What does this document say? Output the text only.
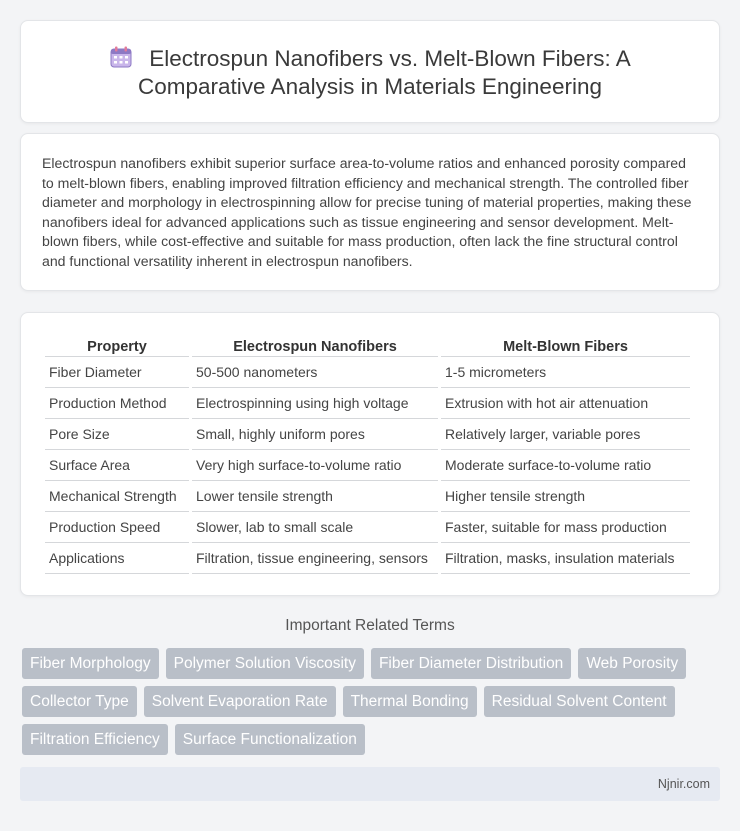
Electrospun Nanofibers vs. Melt-Blown Fibers: A Comparative Analysis in Materials Engineering

Electrospun nanofibers exhibit superior surface area-to-volume ratios and enhanced porosity compared to melt-blown fibers, enabling improved filtration efficiency and mechanical strength. The controlled fiber diameter and morphology in electrospinning allow for precise tuning of material properties, making these nanofibers ideal for advanced applications such as tissue engineering and sensor development. Melt-blown fibers, while cost-effective and suitable for mass production, often lack the fine structural control and functional versatility inherent in electrospun nanofibers.

Property	Electrospun Nanofibers	Melt-Blown Fibers
Fiber Diameter	50-500 nanometers	1-5 micrometers
Production Method	Electrospinning using high voltage	Extrusion with hot air attenuation
Pore Size	Small, highly uniform pores	Relatively larger, variable pores
Surface Area	Very high surface-to-volume ratio	Moderate surface-to-volume ratio
Mechanical Strength	Lower tensile strength	Higher tensile strength
Production Speed	Slower, lab to small scale	Faster, suitable for mass production
Applications	Filtration, tissue engineering, sensors	Filtration, masks, insulation materials
Important Related Terms
Fiber Morphology	Polymer Solution Viscosity	Fiber Diameter Distribution	Web Porosity
Collector Type	Solvent Evaporation Rate	Thermal Bonding	Residual Solvent Content
Filtration Efficiency	Surface Functionalization
Njnir.com
